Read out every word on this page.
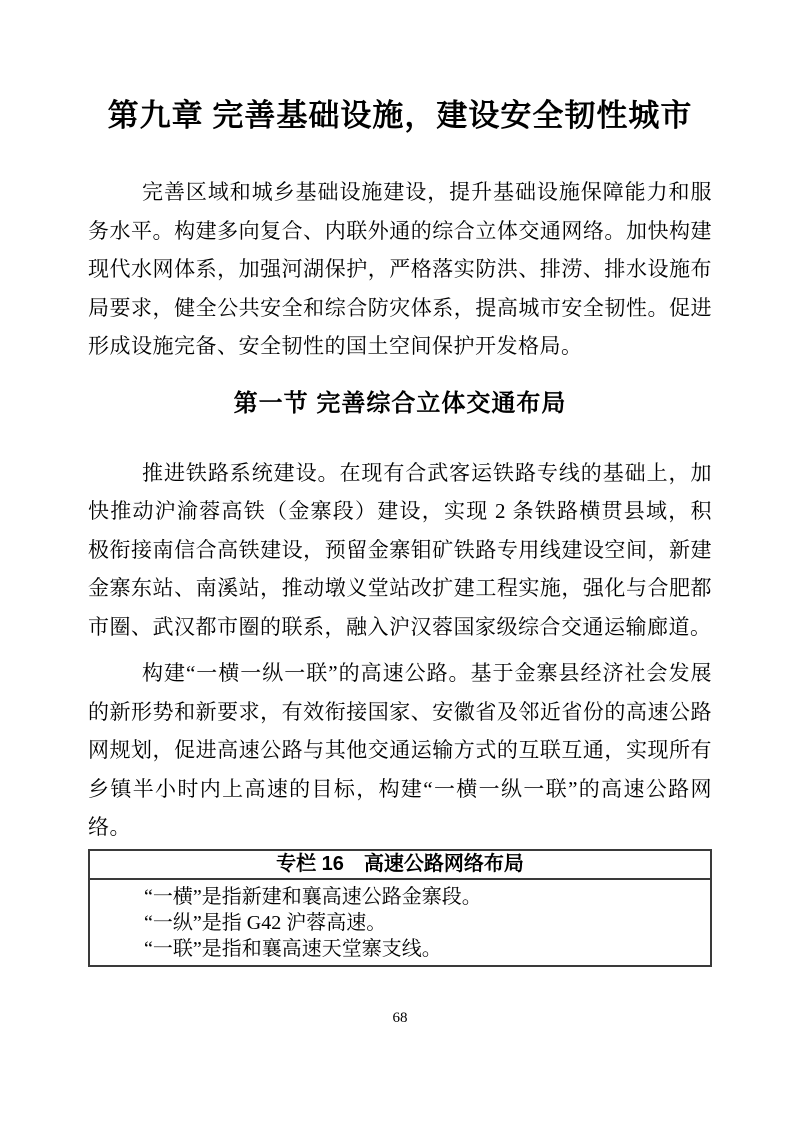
第九章 完善基础设施，建设安全韧性城市

完善区域和城乡基础设施建设，提升基础设施保障能力和服务水平。构建多向复合、内联外通的综合立体交通网络。加快构建现代水网体系，加强河湖保护，严格落实防洪、排涝、排水设施布局要求，健全公共安全和综合防灾体系，提高城市安全韧性。促进形成设施完备、安全韧性的国土空间保护开发格局。

第一节 完善综合立体交通布局

推进铁路系统建设。在现有合武客运铁路专线的基础上，加快推动沪渝蓉高铁（金寨段）建设，实现 2 条铁路横贯县域，积极衔接南信合高铁建设，预留金寨钼矿铁路专用线建设空间，新建金寨东站、南溪站，推动墩义堂站改扩建工程实施，强化与合肥都市圈、武汉都市圈的联系，融入沪汉蓉国家级综合交通运输廊道。

构建“一横一纵一联”的高速公路。基于金寨县经济社会发展的新形势和新要求，有效衔接国家、安徽省及邻近省份的高速公路网规划，促进高速公路与其他交通运输方式的互联互通，实现所有乡镇半小时内上高速的目标，构建“一横一纵一联”的高速公路网络。

专栏 16　高速公路网络布局
“一横”是指新建和襄高速公路金寨段。
“一纵”是指 G42 沪蓉高速。
“一联”是指和襄高速天堂寨支线。
68
